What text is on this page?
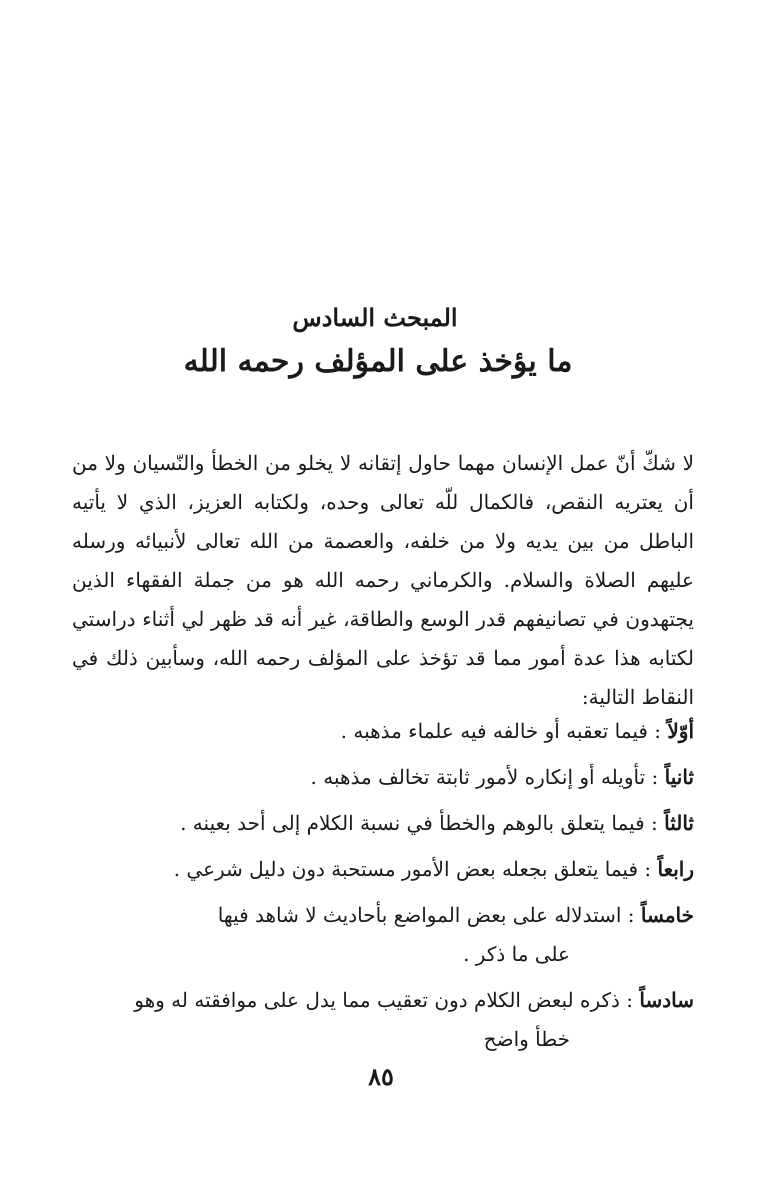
المبحث السادس
ما يؤخذ على المؤلف رحمه الله

لا شكّ أنّ عمل الإنسان مهما حاول إتقانه لا يخلو من الخطأ والنّسيان ولا من أن يعتريه النقص، فالكمال للّه تعالى وحده، ولكتابه العزيز، الذي لا يأتيه الباطل من بين يديه ولا من خلفه، والعصمة من الله تعالى لأنبيائه ورسله عليهم الصلاة والسلام. والكرماني رحمه الله هو من جملة الفقهاء الذين يجتهدون في تصانيفهم قدر الوسع والطاقة، غير أنه قد ظهر لي أثناء دراستي لكتابه هذا عدة أمور مما قد تؤخذ على المؤلف رحمه الله، وسأبين ذلك في النقاط التالية:

أوّلاً : فيما تعقبه أو خالفه فيه علماء مذهبه .
ثانياً : تأويله أو إنكاره لأمور ثابتة تخالف مذهبه .
ثالثاً : فيما يتعلق بالوهم والخطأ في نسبة الكلام إلى أحد بعينه .
رابعاً : فيما يتعلق بجعله بعض الأمور مستحبة دون دليل شرعي .
خامساً : استدلاله على بعض المواضع بأحاديث لا شاهد فيها
على ما ذكر .
سادساً : ذكره لبعض الكلام دون تعقيب مما يدل على موافقته له وهو
خطأ واضح
٨٥
